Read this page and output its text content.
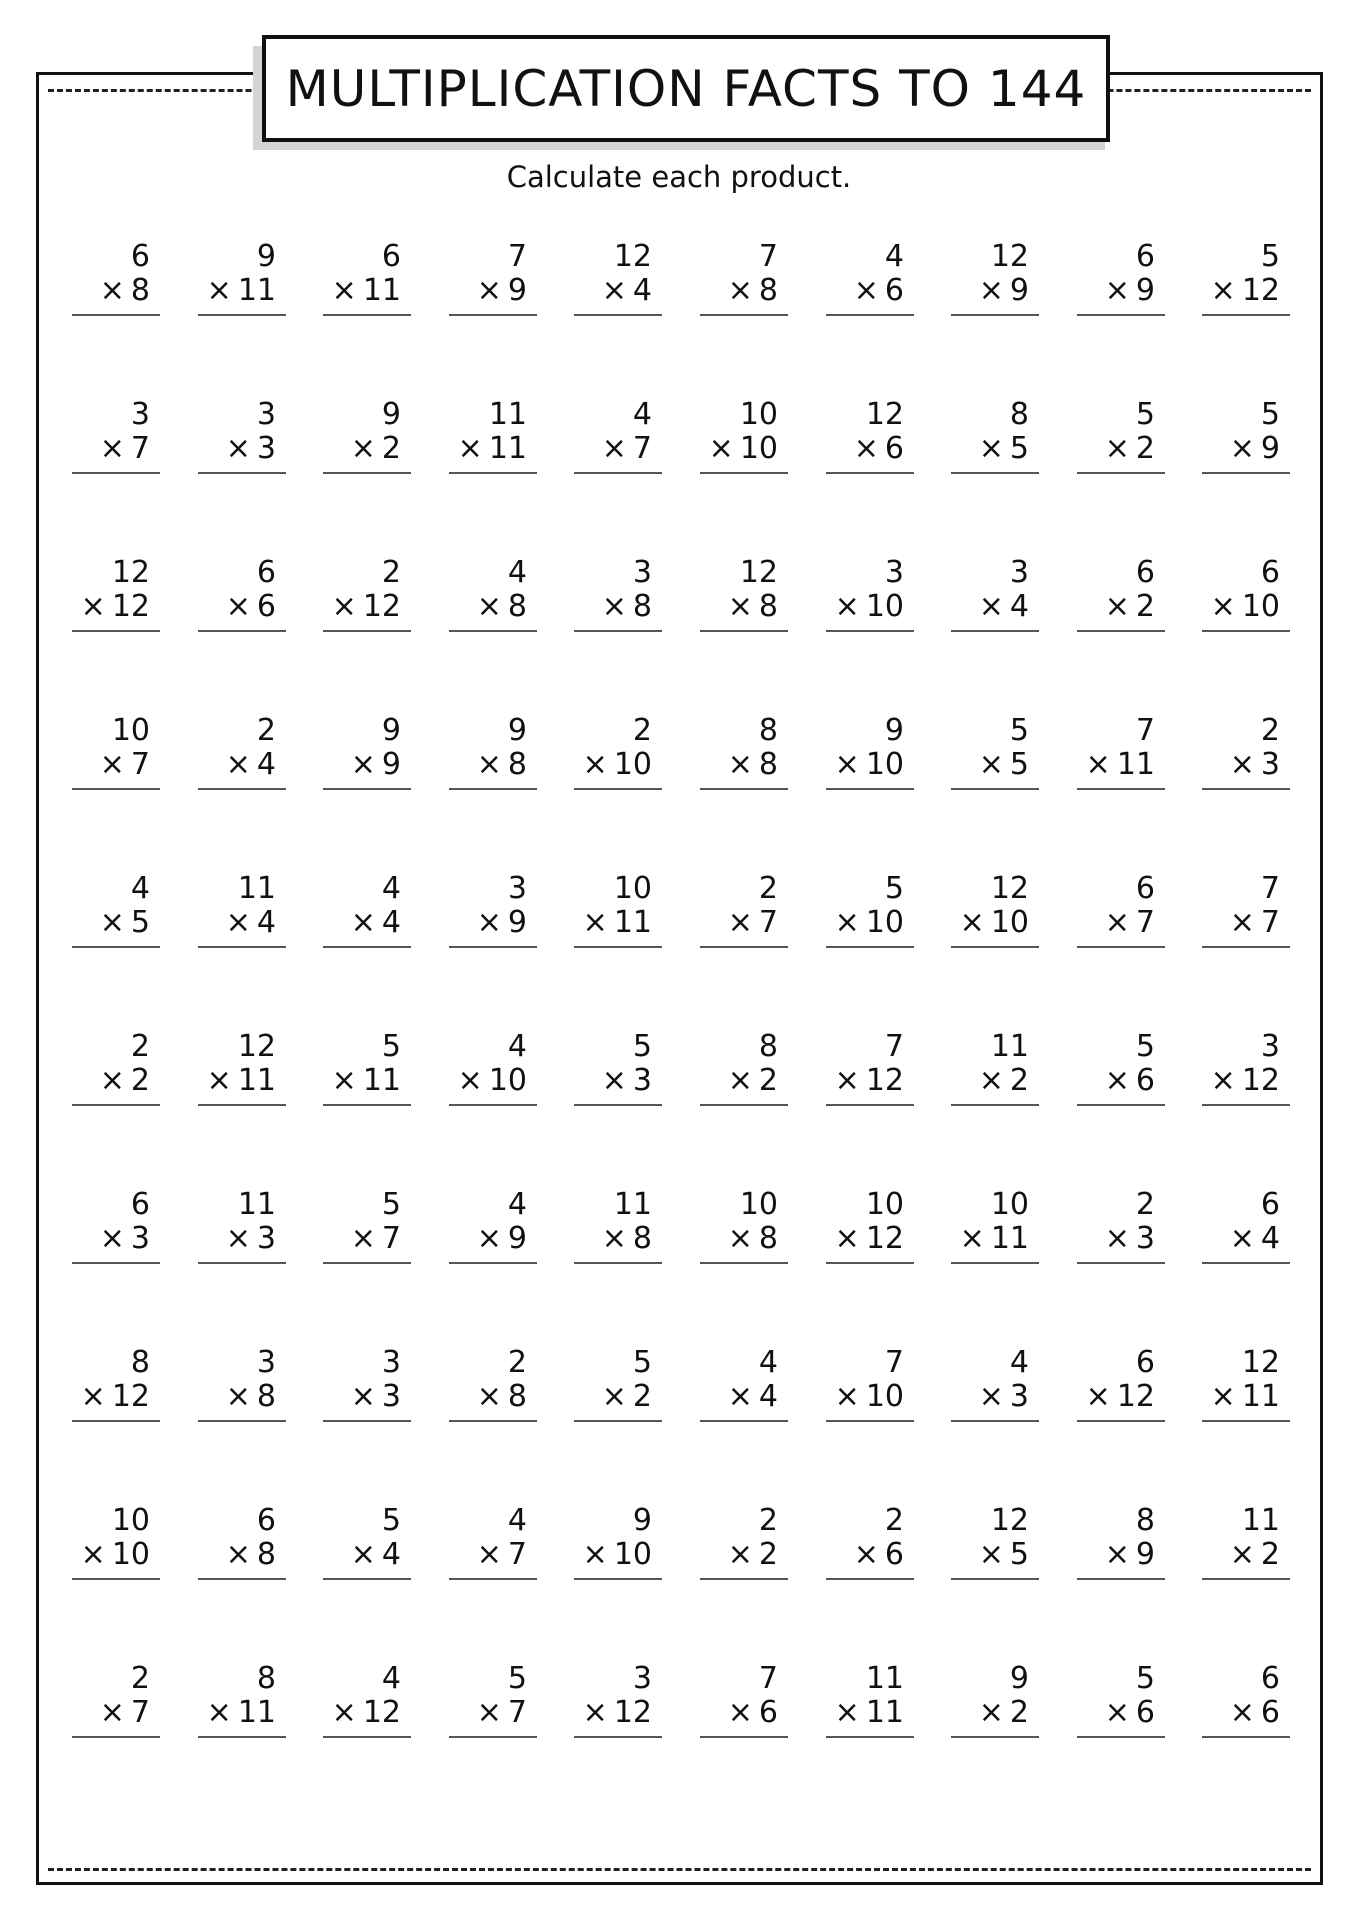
MULTIPLICATION FACTS TO 144
Calculate each product.
6
× 8
9
× 11
6
× 11
7
× 9
12
× 4
7
× 8
4
× 6
12
× 9
6
× 9
5
× 12
3
× 7
3
× 3
9
× 2
11
× 11
4
× 7
10
× 10
12
× 6
8
× 5
5
× 2
5
× 9
12
× 12
6
× 6
2
× 12
4
× 8
3
× 8
12
× 8
3
× 10
3
× 4
6
× 2
6
× 10
10
× 7
2
× 4
9
× 9
9
× 8
2
× 10
8
× 8
9
× 10
5
× 5
7
× 11
2
× 3
4
× 5
11
× 4
4
× 4
3
× 9
10
× 11
2
× 7
5
× 10
12
× 10
6
× 7
7
× 7
2
× 2
12
× 11
5
× 11
4
× 10
5
× 3
8
× 2
7
× 12
11
× 2
5
× 6
3
× 12
6
× 3
11
× 3
5
× 7
4
× 9
11
× 8
10
× 8
10
× 12
10
× 11
2
× 3
6
× 4
8
× 12
3
× 8
3
× 3
2
× 8
5
× 2
4
× 4
7
× 10
4
× 3
6
× 12
12
× 11
10
× 10
6
× 8
5
× 4
4
× 7
9
× 10
2
× 2
2
× 6
12
× 5
8
× 9
11
× 2
2
× 7
8
× 11
4
× 12
5
× 7
3
× 12
7
× 6
11
× 11
9
× 2
5
× 6
6
× 6
